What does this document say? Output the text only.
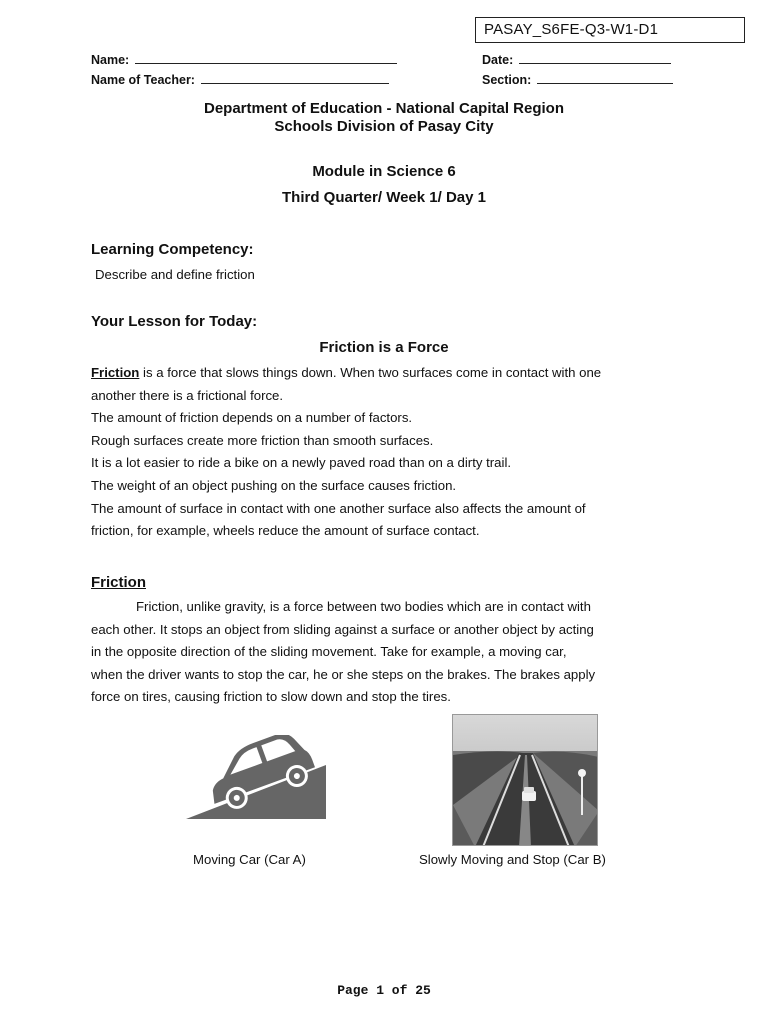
PASAY_S6FE-Q3-W1-D1
Name:
Name of Teacher:
Date:
Section:
Department of Education - National Capital Region
Schools Division of Pasay City
Module in Science 6
Third Quarter/ Week 1/ Day 1
Learning Competency:
Describe and define friction
Your Lesson for Today:
Friction is a Force

Friction is a force that slows things down. When two surfaces come in contact with one

another there is a frictional force.

The amount of friction depends on a number of factors.

Rough surfaces create more friction than smooth surfaces.

It is a lot easier to ride a bike on a newly paved road than on a dirty trail.

The weight of an object pushing on the surface causes friction.

The amount of surface in contact with one another surface also affects the amount of

friction, for example, wheels reduce the amount of surface contact.

Friction

Friction, unlike gravity, is a force between two bodies which are in contact with

each other. It stops an object from sliding against a surface or another object by acting

in the opposite direction of the sliding movement. Take for example, a moving car,

when the driver wants to stop the car, he or she steps on the brakes. The brakes apply

force on tires, causing friction to slow down and stop the tires.

Moving Car (Car A)	Slowly Moving and Stop (Car B)
Page 1 of 25
